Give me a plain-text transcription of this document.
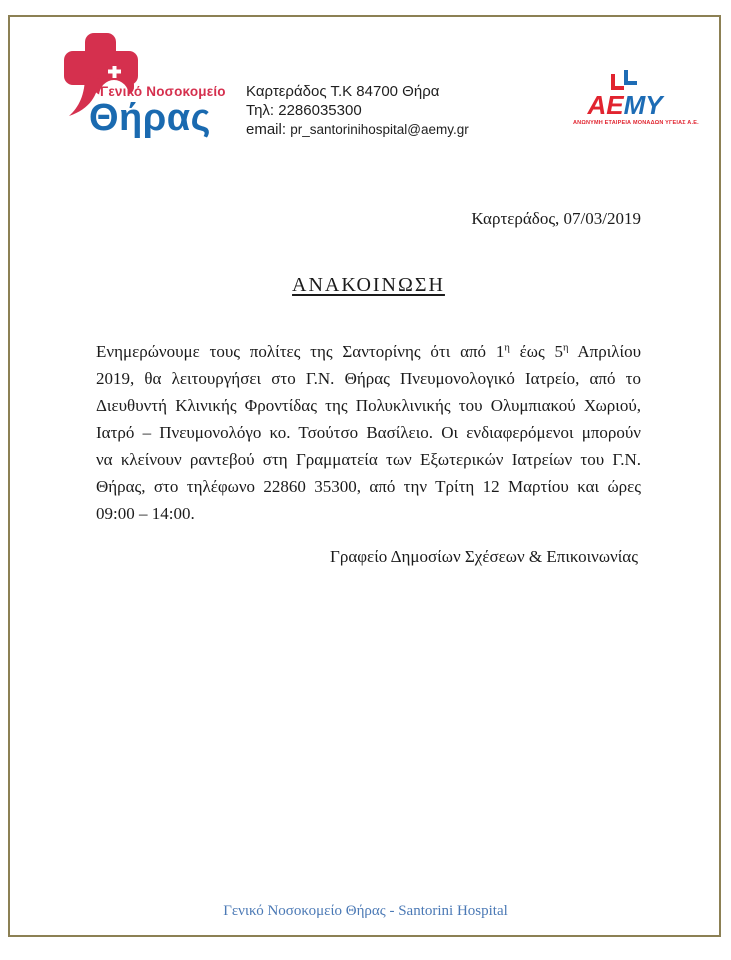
Γενικό Νοσοκομείο
Θήρας
Καρτεράδος Τ.Κ 84700 Θήρα
Τηλ: 2286035300
email: pr_santorinihospital@aemy.gr
ΑΕΜΥ
ΑΝΩΝΥΜΗ ΕΤΑΙΡΕΙΑ ΜΟΝΑΔΩΝ ΥΓΕΙΑΣ Α.Ε.
Καρτεράδος, 07/03/2019
ΑΝΑΚΟΙΝΩΣΗ
Ενημερώνουμε τους πολίτες της Σαντορίνης ότι από $1^\eta$ έως $5^\eta$ Απριλίου
2019, θα λειτουργήσει στο Γ.Ν. Θήρας Πνευμονολογικό Ιατρείο, από το
Διευθυντή Κλινικής Φροντίδας της Πολυκλινικής του Ολυμπιακού Χωριού,
Ιατρό – Πνευμονολόγο κο. Τσούτσο Βασίλειο. Οι ενδιαφερόμενοι μπορούν
να κλείνουν ραντεβού στη Γραμματεία των Εξωτερικών Ιατρείων του Γ.Ν.
Θήρας, στο τηλέφωνο 22860 35300, από την Τρίτη 12 Μαρτίου και ώρες
09:00 – 14:00.
Γραφείο Δημοσίων Σχέσεων & Επικοινωνίας
Γενικό Νοσοκομείο Θήρας - Santorini Hospital
